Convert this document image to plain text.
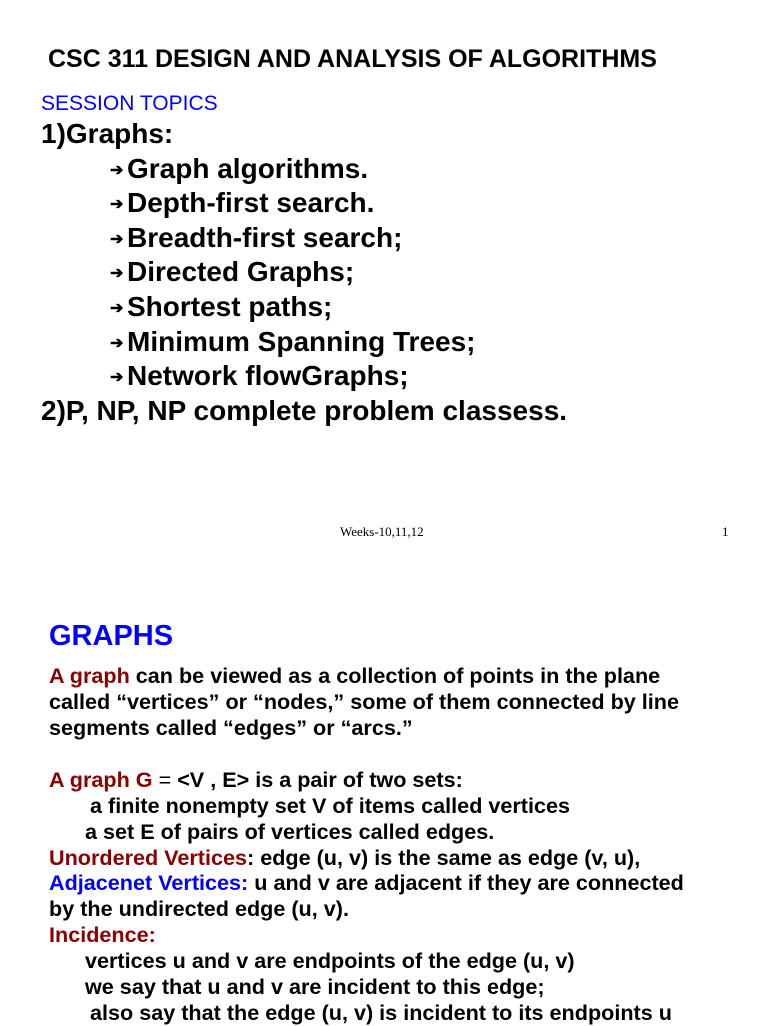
CSC 311 DESIGN AND ANALYSIS OF ALGORITHMS
SESSION TOPICS
1)Graphs:
➔ Graph algorithms.
➔ Depth-first search.
➔ Breadth-first search;
➔ Directed Graphs;
➔ Shortest paths;
➔ Minimum Spanning Trees;
➔ Network flowGraphs;
2)P, NP, NP complete problem classess.
Weeks-10,11,12	1
GRAPHS
A graph can be viewed as a collection of points in the plane
called “vertices” or “nodes,” some of them connected by line
segments called “edges” or “arcs.”
A graph G = <V , E> is a pair of two sets:
a finite nonempty set V of items called vertices
a set E of pairs of vertices called edges.
Unordered Vertices: edge (u, v) is the same as edge (v, u),
Adjacenet Vertices: u and v are adjacent if they are connected
by the undirected edge (u, v).
Incidence:
vertices u and v are endpoints of the edge (u, v)
we say that u and v are incident to this edge;
also say that the edge (u, v) is incident to its endpoints u
